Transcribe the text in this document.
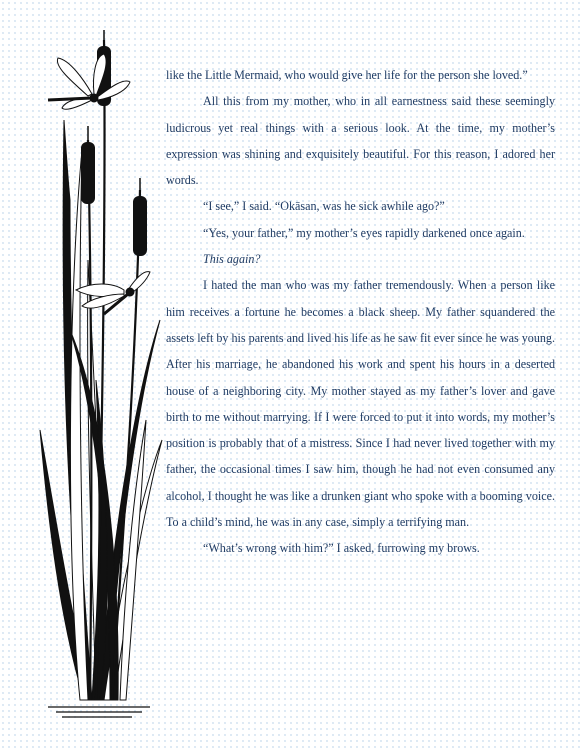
like the Little Mermaid, who would give her life for the person she loved.”

All this from my mother, who in all earnestness said these seemingly ludicrous yet real things with a serious look. At the time, my mother’s expression was shining and exquisitely beautiful. For this reason, I adored her words.

“I see,” I said. “Okāsan, was he sick awhile ago?”

“Yes, your father,” my mother’s eyes rapidly darkened once again.

This again?

I hated the man who was my father tremendously. When a person like him receives a fortune he becomes a black sheep. My father squandered the assets left by his parents and lived his life as he saw fit ever since he was young. After his marriage, he abandoned his work and spent his hours in a deserted house of a neighboring city. My mother stayed as my father’s lover and gave birth to me without marrying. If I were forced to put it into words, my mother’s position is probably that of a mistress. Since I had never lived together with my father, the occasional times I saw him, though he had not even consumed any alcohol, I thought he was like a drunken giant who spoke with a booming voice. To a child’s mind, he was in any case, simply a terrifying man.

“What’s wrong with him?” I asked, furrowing my brows.
